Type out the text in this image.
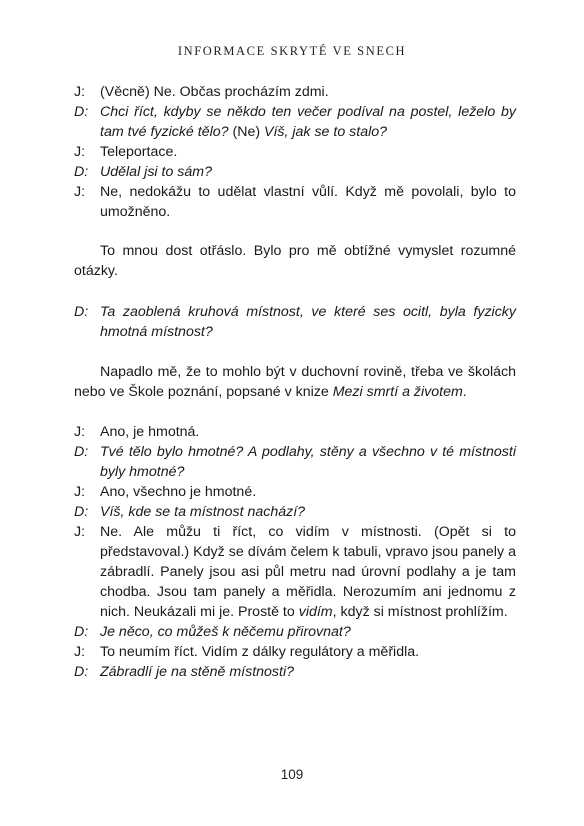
INFORMACE SKRYTÉ VE SNECH
J:	(Věcně) Ne. Občas procházím zdmi.
D: Chci říct, kdyby se někdo ten večer podíval na postel, leželo by tam tvé fyzické tělo? (Ne) Víš, jak se to stalo?
J:	Teleportace.
D: Udělal jsi to sám?
J:	Ne, nedokážu to udělat vlastní vůlí. Když mě povolali, bylo to umožněno.

To mnou dost otřáslo. Bylo pro mě obtížné vymyslet rozumné otázky.

D: Ta zaoblená kruhová místnost, ve které ses ocitl, byla fyzicky hmotná místnost?

Napadlo mě, že to mohlo být v duchovní rovině, třeba ve školách nebo ve Škole poznání, popsané v knize Mezi smrtí a životem.

J:	Ano, je hmotná.
D: Tvé tělo bylo hmotné? A podlahy, stěny a všechno v té místnosti byly hmotné?
J:	Ano, všechno je hmotné.
D: Víš, kde se ta místnost nachází?
J:	Ne. Ale můžu ti říct, co vidím v místnosti. (Opět si to představoval.) Když se dívám čelem k tabuli, vpravo jsou panely a zábradlí. Panely jsou asi půl metru nad úrovní podlahy a je tam chodba. Jsou tam panely a měřidla. Nerozumím ani jednomu z nich. Neukázali mi je. Prostě to vidím, když si místnost prohlížím.
D: Je něco, co můžeš k něčemu přirovnat?
J:	To neumím říct. Vidím z dálky regulátory a měřidla.
D: Zábradlí je na stěně místnosti?
109
